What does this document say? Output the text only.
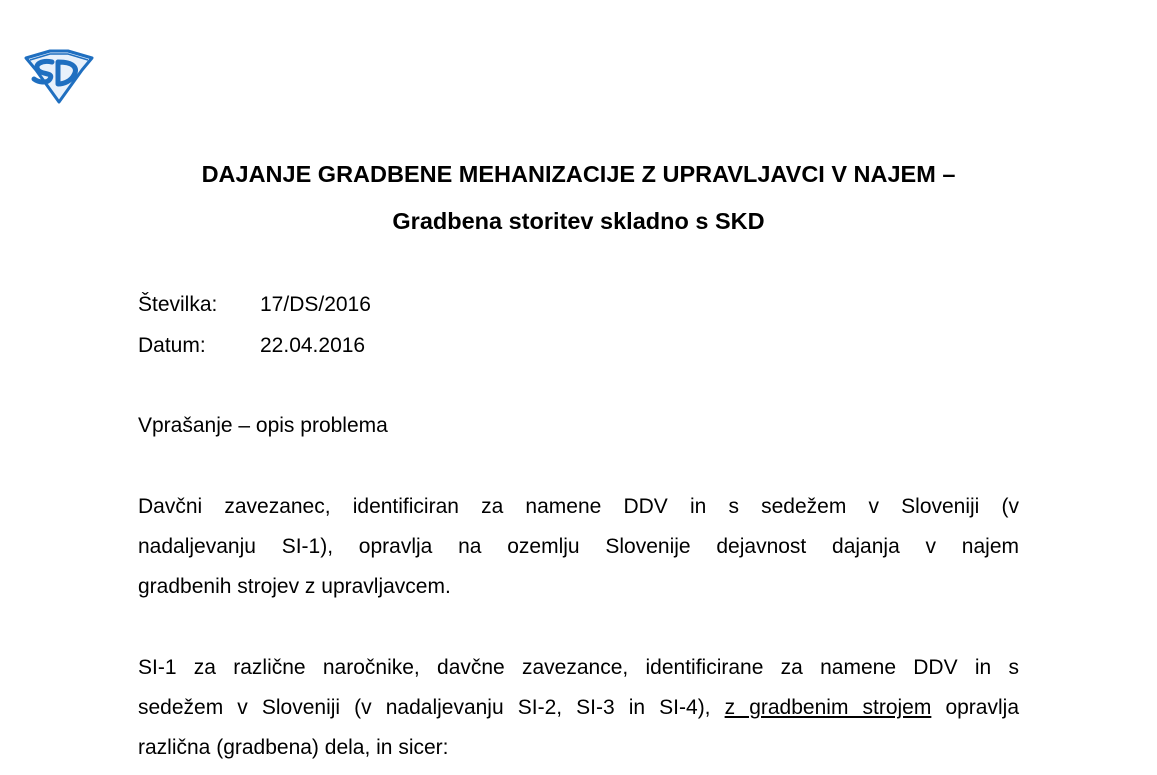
DAJANJE GRADBENE MEHANIZACIJE Z UPRAVLJAVCI V NAJEM –
Gradbena storitev skladno s SKD
Številka: 17/DS/2016
Datum:	22.04.2016
Vprašanje – opis problema
Davčni zavezanec, identificiran za namene DDV in s sedežem v Sloveniji (v
nadaljevanju SI-1), opravlja na ozemlju Slovenije dejavnost dajanja v najem
gradbenih strojev z upravljavcem.
SI-1 za različne naročnike, davčne zavezance, identificirane za namene DDV in s
sedežem v Sloveniji (v nadaljevanju SI-2, SI-3 in SI-4), z gradbenim strojem opravlja
različna (gradbena) dela, in sicer:
